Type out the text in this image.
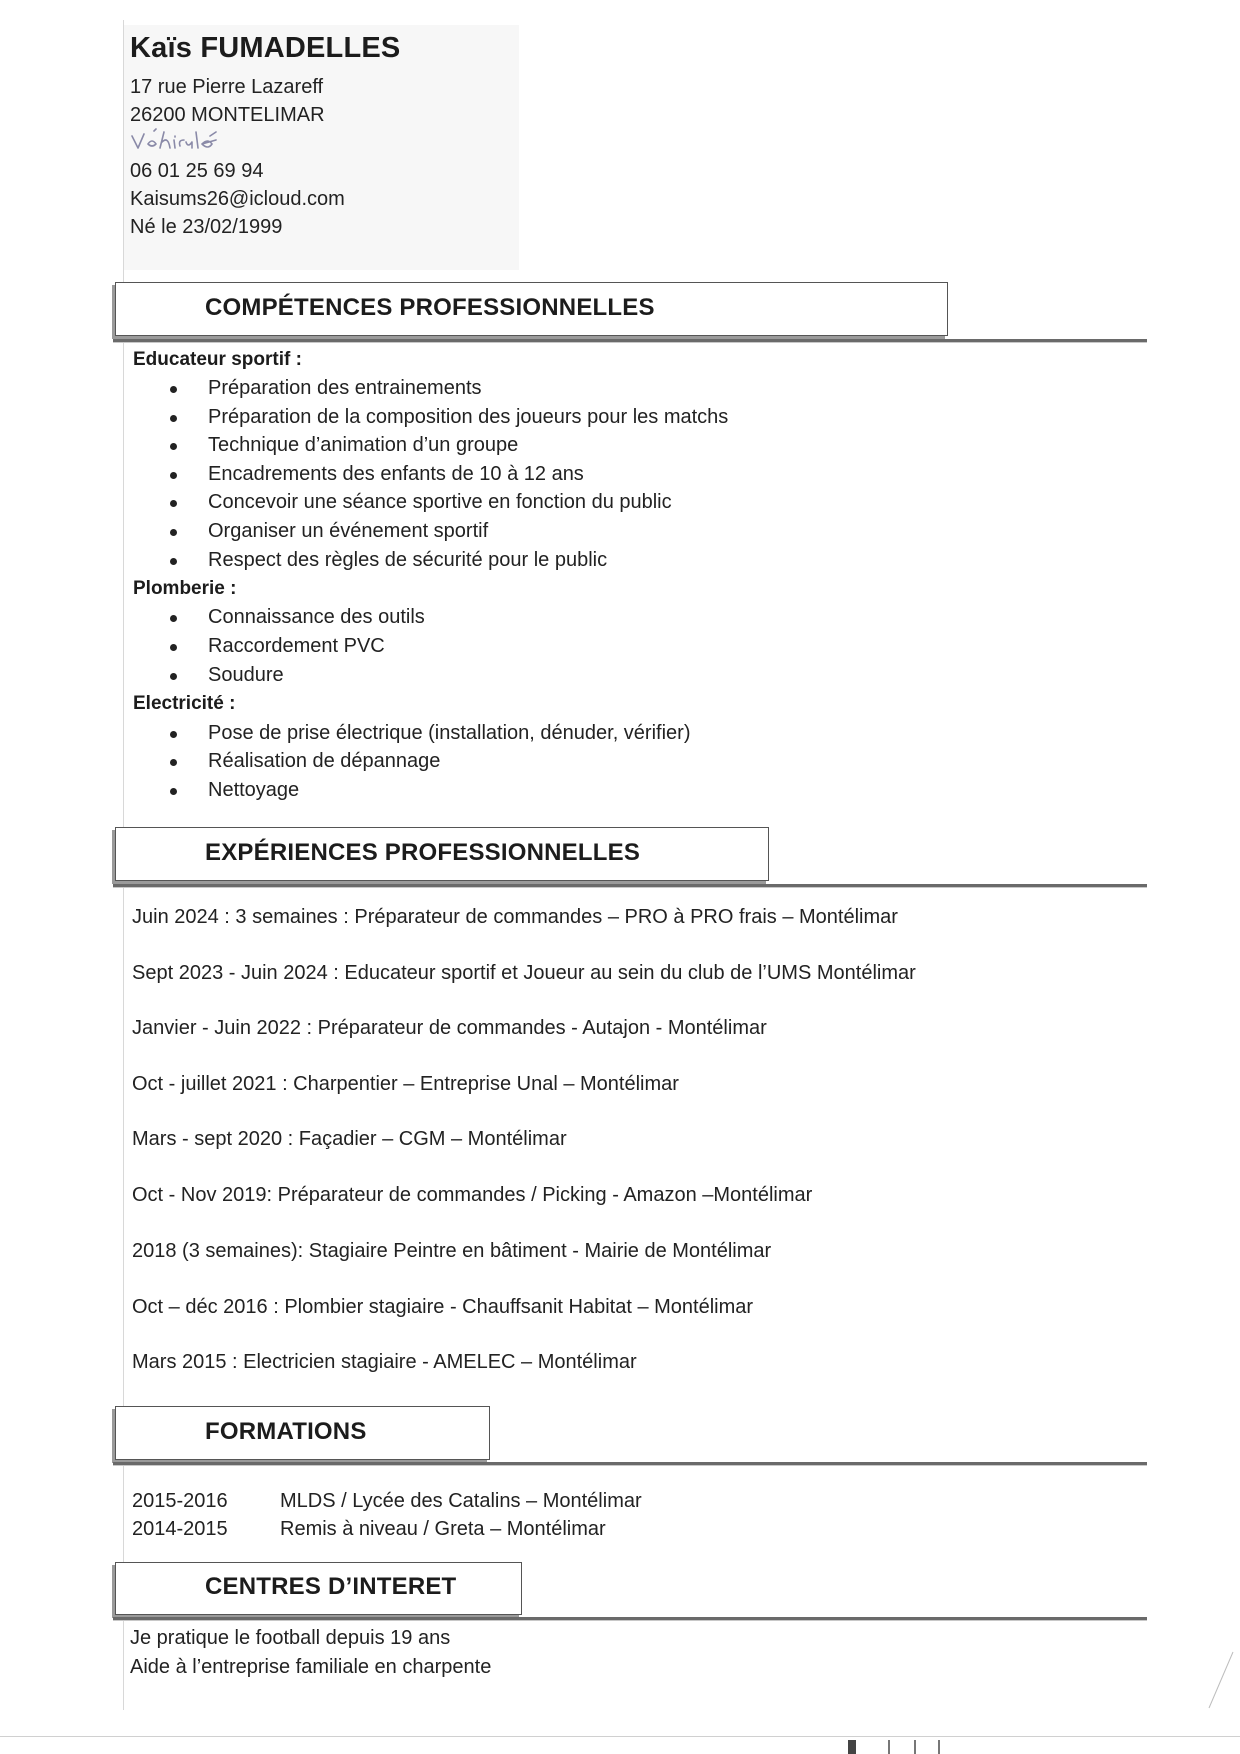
Kaïs FUMADELLES
17 rue Pierre Lazareff
26200 MONTELIMAR
06 01 25 69 94
Kaisums26@icloud.com
Né le 23/02/1999
COMPÉTENCES PROFESSIONNELLES
Educateur sportif :
Préparation des entrainements
Préparation de la composition des joueurs pour les matchs
Technique d’animation d’un groupe
Encadrements des enfants de 10 à 12 ans
Concevoir une séance sportive en fonction du public
Organiser un événement sportif
Respect des règles de sécurité pour le public
Plomberie :
Connaissance des outils
Raccordement PVC
Soudure
Electricité :
Pose de prise électrique (installation, dénuder, vérifier)
Réalisation de dépannage
Nettoyage
EXPÉRIENCES PROFESSIONNELLES
Juin 2024 : 3 semaines : Préparateur de commandes – PRO à PRO frais – Montélimar
Sept 2023 - Juin 2024 : Educateur sportif et Joueur au sein du club de l’UMS Montélimar
Janvier - Juin 2022 : Préparateur de commandes - Autajon - Montélimar
Oct - juillet 2021 : Charpentier – Entreprise Unal – Montélimar
Mars - sept 2020 : Façadier – CGM – Montélimar
Oct - Nov 2019: Préparateur de commandes / Picking - Amazon –Montélimar
2018 (3 semaines): Stagiaire Peintre en bâtiment - Mairie de Montélimar
Oct – déc 2016 : Plombier stagiaire - Chauffsanit Habitat – Montélimar
Mars 2015 : Electricien stagiaire - AMELEC – Montélimar
FORMATIONS
2015-2016	MLDS / Lycée des Catalins – Montélimar
2014-2015	Remis à niveau / Greta – Montélimar
CENTRES D’INTERET
Je pratique le football depuis 19 ans
Aide à l’entreprise familiale en charpente
